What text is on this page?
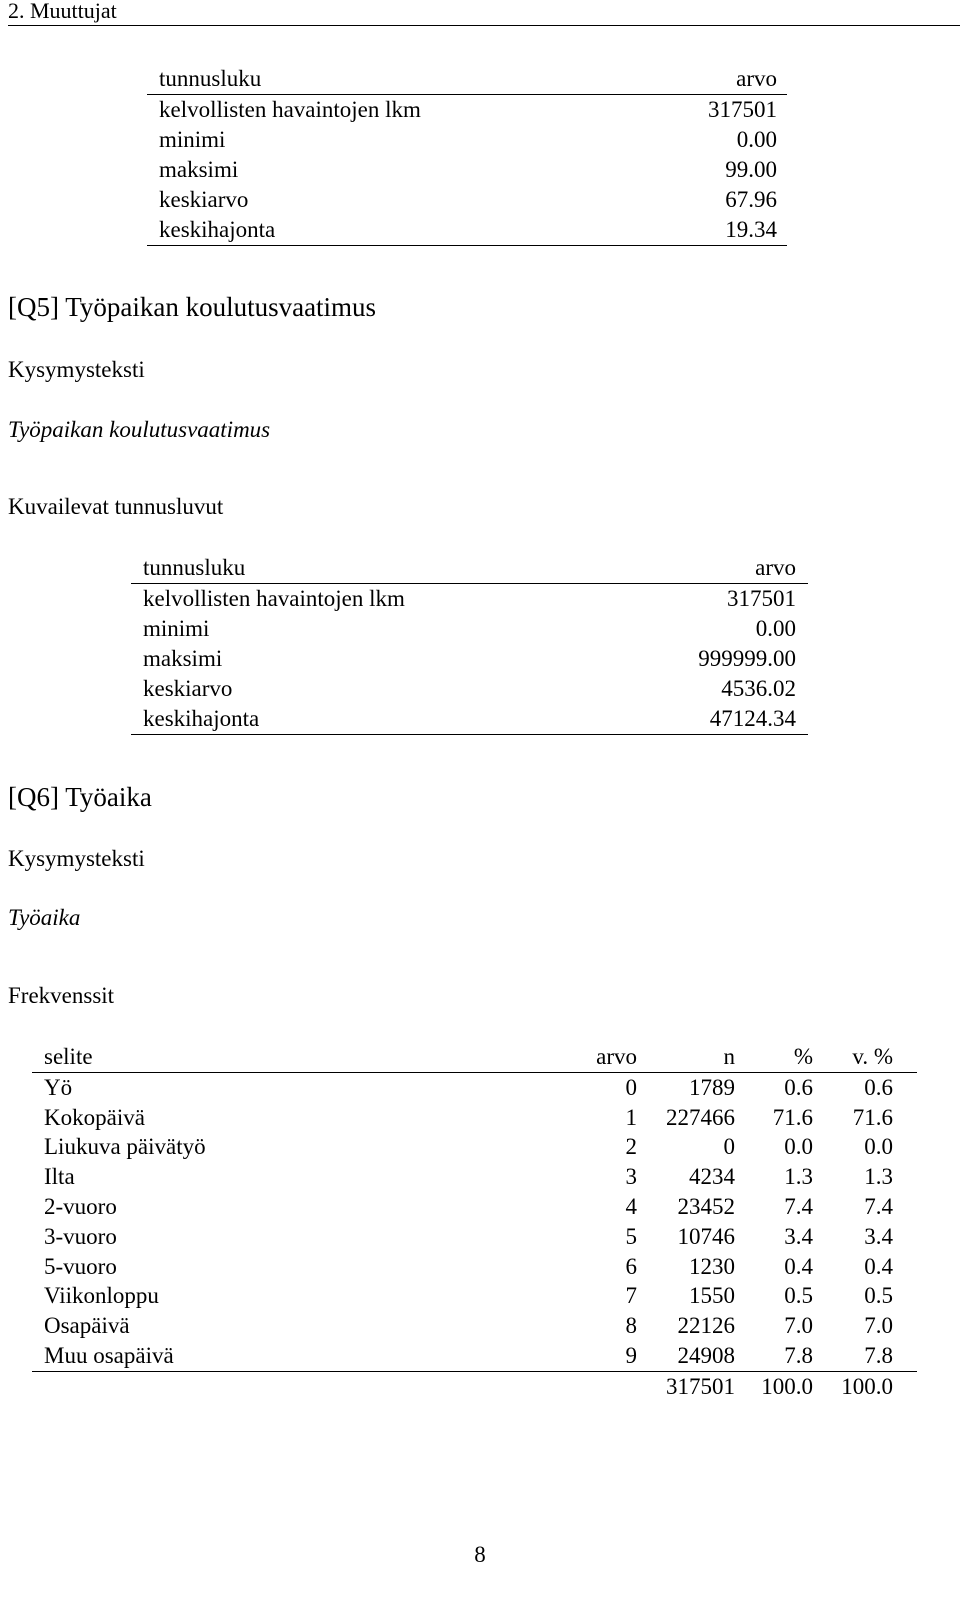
2. Muuttujat
tunnusluku	arvo
kelvollisten havaintojen lkm	317501
minimi	0.00
maksimi	99.00
keskiarvo	67.96
keskihajonta	19.34
[Q5] Työpaikan koulutusvaatimus
Kysymysteksti
Työpaikan koulutusvaatimus
Kuvailevat tunnusluvut
tunnusluku	arvo
kelvollisten havaintojen lkm	317501
minimi	0.00
maksimi	999999.00
keskiarvo	4536.02
keskihajonta	47124.34
[Q6] Työaika
Kysymysteksti
Työaika
Frekvenssit
selite	arvo	n	%	v. %
Yö	0	1789	0.6	0.6
Kokopäivä	1	227466	71.6	71.6
Liukuva päivätyö	2	0	0.0	0.0
Ilta	3	4234	1.3	1.3
2-vuoro	4	23452	7.4	7.4
3-vuoro	5	10746	3.4	3.4
5-vuoro	6	1230	0.4	0.4
Viikonloppu	7	1550	0.5	0.5
Osapäivä	8	22126	7.0	7.0
Muu osapäivä	9	24908	7.8	7.8
		317501	100.0	100.0
8
